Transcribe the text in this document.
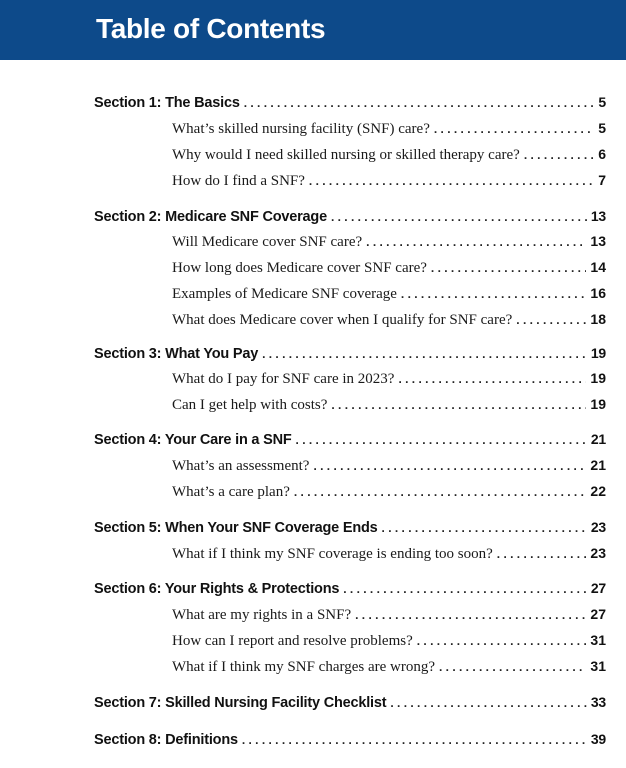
Table of Contents
Section 1: The Basics . . .	5
What’s skilled nursing facility (SNF) care? . . .	5
Why would I need skilled nursing or skilled therapy care? . . .	6
How do I find a SNF? . . .	7
Section 2: Medicare SNF Coverage . . .	13
Will Medicare cover SNF care? . . .	13
How long does Medicare cover SNF care? . . .	14
Examples of Medicare SNF coverage . . .	16
What does Medicare cover when I qualify for SNF care? . . .	18
Section 3: What You Pay . . .	19
What do I pay for SNF care in 2023? . . .	19
Can I get help with costs? . . .	19
Section 4: Your Care in a SNF . . .	21
What’s an assessment? . . .	21
What’s a care plan? . . .	22
Section 5: When Your SNF Coverage Ends . . .	23
What if I think my SNF coverage is ending too soon? . . .	23
Section 6: Your Rights & Protections . . .	27
What are my rights in a SNF? . . .	27
How can I report and resolve problems? . . .	31
What if I think my SNF charges are wrong? . . .	31
Section 7: Skilled Nursing Facility Checklist . . .	33
Section 8: Definitions . . .	39
